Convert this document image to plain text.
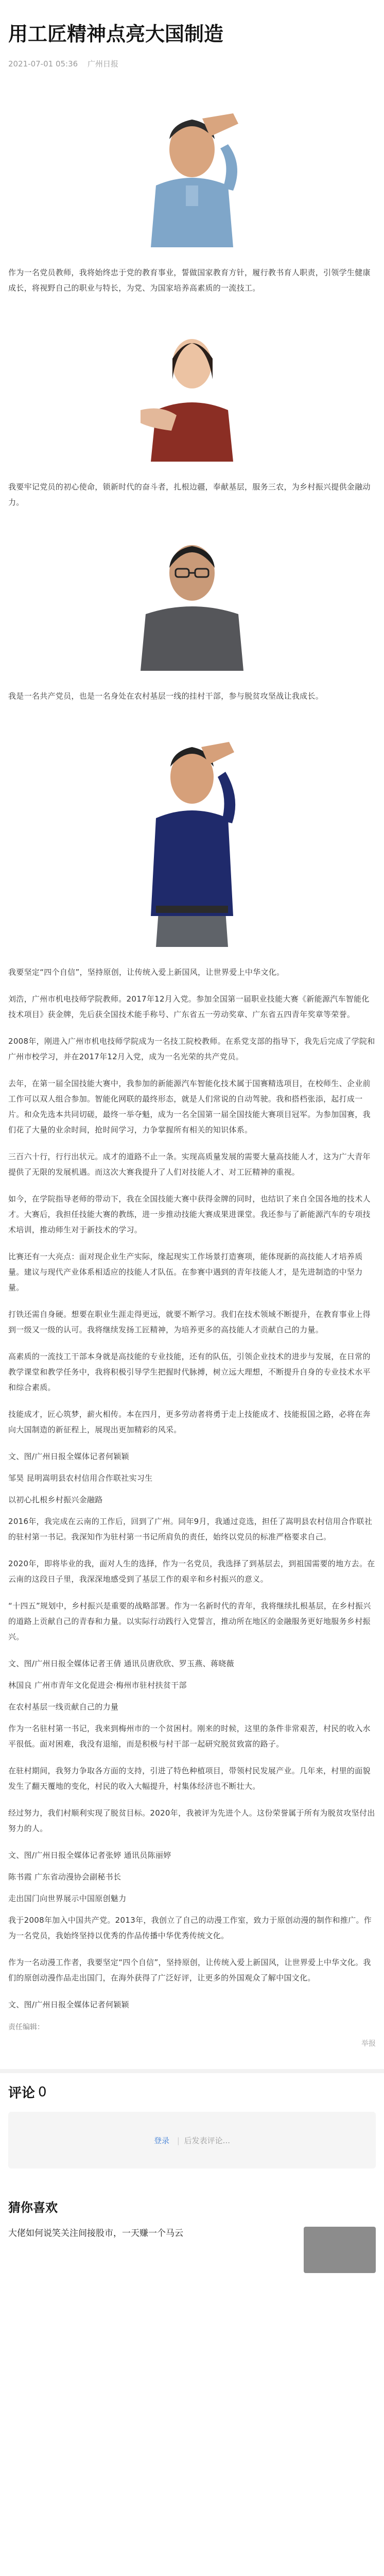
用工匠精神点亮大国制造
2021-07-01 05:36 广州日报

作为一名党员教师，我将始终忠于党的教育事业，誓做国家教育方针，履行教书育人职责，引领学生健康成长，将视野自己的职业与特长，为党、为国家培养高素质的一流技工。

我要牢记党员的初心使命，锁新时代的奋斗者，扎根边疆，奉献基层，服务三农，为乡村振兴提供金融动力。

我是一名共产党员，也是一名身处在农村基层一线的挂村干部，参与脱贫攻坚战让我成长。

我要坚定“四个自信”，坚持原创，让传统入爱上新国风，让世界爱上中华文化。

刘浩，广州市机电技师学院教师。2017年12月入党。参加全国第一届职业技能大赛《新能源汽车智能化技术项目》获金牌，先后获全国技术能手称号、广东省五一劳动奖章、广东省五四青年奖章等荣誉。

2008年，刚进入广州市机电技师学院成为一名技工院校教师。在系党支部的指导下，我先后完成了学院和广州市校学习，并在2017年12月入党，成为一名光荣的共产党员。

去年，在第一届全国技能大赛中，我参加的新能源汽车智能化技术属于国赛精选项目，在校师生、企业前工作可以双人组合参加。智能化网联的最终形态，就是人们常说的自动驾驶。我和搭档张添，起打成一片。和众先选本共同切磋，最终一举夺魁，成为一名全国第一届全国技能大赛项目冠军。为参加国赛，我们花了大量的业余时间，抢时间学习，力争掌握所有相关的知识体系。

三百六十行，行行出状元。成才的道路不止一条。实现高质量发展的需要大量高技能人才，这为广大青年提供了无限的发展机遇。而这次大赛我提升了人们对技能人才、对工匠精神的重视。

如今，在学院指导老师的带动下，我在全国技能大赛中获得金牌的同时，也结识了来自全国各地的技术人才。大赛后，我担任技能大赛的教练，进一步推动技能大赛成果进课堂。我还参与了新能源汽车的专项技术培训，推动师生对于新技术的学习。

比赛还有一大亮点：面对现企业生产实际，缘起现实工作场景打造赛项，能体现新的高技能人才培养质量。建议与现代产业体系相适应的技能人才队伍。在参赛中遇到的青年技能人才，是先进制造的中坚力量。

打铁还需自身硬。想要在职业生涯走得更远，就要不断学习。我们在技术领域不断提升，在教育事业上得到一级又一级的认可。我将继续发扬工匠精神，为培养更多的高技能人才贡献自己的力量。

高素质的一流技工干部本身就是高技能的专业技能，还有的队伍，引领企业技术的进步与发展，在日常的教学课堂和教学任务中，我将积极引导学生把握时代脉搏，树立远大理想，不断提升自身的专业技术水平和综合素质。

技能成才，匠心筑梦，薪火相传。本在四月，更多劳动者将勇于走上技能成才、技能报国之路，必将在奔向大国制造的新征程上，展现出更加精彩的风采。

文、图/广州日报全媒体记者何颖颖

邹昊 昆明嵩明县农村信用合作联社实习生

以初心扎根乡村振兴金融路

2016年，我完成在云南的工作后，回到了广州。同年9月，我通过竞选，担任了嵩明县农村信用合作联社的驻村第一书记。我深知作为驻村第一书记所肩负的责任，始终以党员的标准严格要求自己。

2020年，即将毕业的我，面对人生的选择，作为一名党员，我选择了到基层去，到祖国需要的地方去。在云南的这段日子里，我深深地感受到了基层工作的艰辛和乡村振兴的意义。

“十四五”规划中，乡村振兴是重要的战略部署。作为一名新时代的青年，我将继续扎根基层，在乡村振兴的道路上贡献自己的青春和力量。以实际行动践行入党誓言，推动所在地区的金融服务更好地服务乡村振兴。

文、图/广州日报全媒体记者王倩 通讯员唐欣欣、罗玉燕、蒋晓薇

林国良 广州市青年文化促进会·梅州市驻村扶贫干部

在农村基层一线贡献自己的力量

作为一名驻村第一书记，我来到梅州市的一个贫困村。刚来的时候，这里的条件非常艰苦，村民的收入水平很低。面对困难，我没有退缩，而是积极与村干部一起研究脱贫致富的路子。

在驻村期间，我努力争取各方面的支持，引进了特色种植项目，带领村民发展产业。几年来，村里的面貌发生了翻天覆地的变化，村民的收入大幅提升，村集体经济也不断壮大。

经过努力，我们村顺利实现了脱贫目标。2020年，我被评为先进个人。这份荣誉属于所有为脱贫攻坚付出努力的人。

文、图/广州日报全媒体记者张婷 通讯员陈丽婷

陈书霞 广东省动漫协会副秘书长

走出国门向世界展示中国原创魅力

我于2008年加入中国共产党。2013年，我创立了自己的动漫工作室，致力于原创动漫的制作和推广。作为一名党员，我始终坚持以优秀的作品传播中华优秀传统文化。

作为一名动漫工作者，我要坚定“四个自信”，坚持原创，让传统入爱上新国风，让世界爱上中华文化。我们的原创动漫作品走出国门，在海外获得了广泛好评，让更多的外国观众了解中国文化。

文、图/广州日报全媒体记者何颖颖

责任编辑：
举报
评论 0
登录 | 后发表评论...
猜你喜欢
大佬如何说笑关注间接股市，一天赚一个马云
